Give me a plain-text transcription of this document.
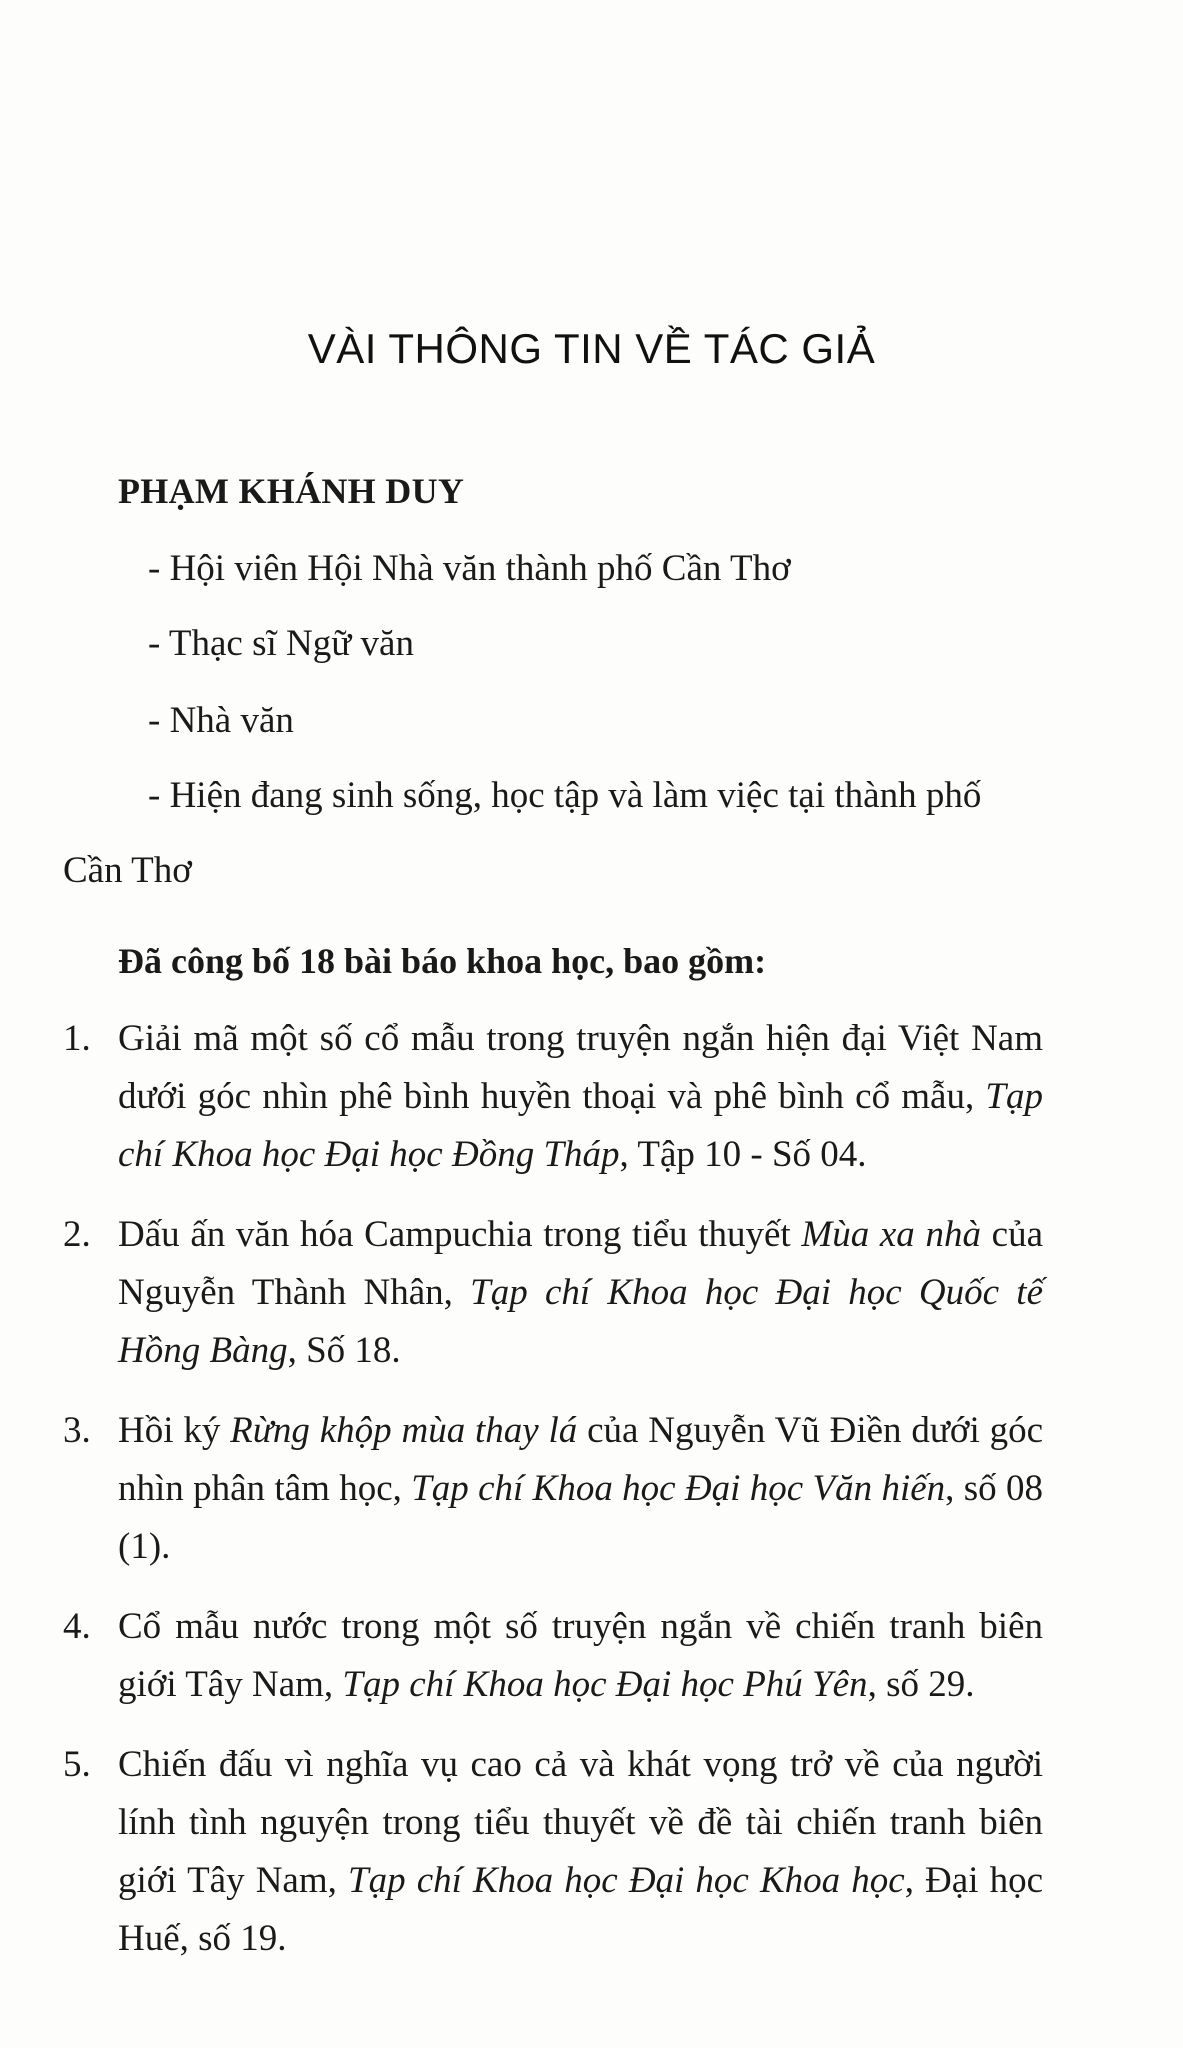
VÀI THÔNG TIN VỀ TÁC GIẢ
PHẠM KHÁNH DUY
- Hội viên Hội Nhà văn thành phố Cần Thơ
- Thạc sĩ Ngữ văn
- Nhà văn
- Hiện đang sinh sống, học tập và làm việc tại thành phố Cần Thơ
Đã công bố 18 bài báo khoa học, bao gồm:
1. Giải mã một số cổ mẫu trong truyện ngắn hiện đại Việt Nam dưới góc nhìn phê bình huyền thoại và phê bình cổ mẫu, Tạp chí Khoa học Đại học Đồng Tháp, Tập 10 - Số 04.
2. Dấu ấn văn hóa Campuchia trong tiểu thuyết Mùa xa nhà của Nguyễn Thành Nhân, Tạp chí Khoa học Đại học Quốc tế Hồng Bàng, Số 18.
3. Hồi ký Rừng khộp mùa thay lá của Nguyễn Vũ Điền dưới góc nhìn phân tâm học, Tạp chí Khoa học Đại học Văn hiến, số 08 (1).
4. Cổ mẫu nước trong một số truyện ngắn về chiến tranh biên giới Tây Nam, Tạp chí Khoa học Đại học Phú Yên, số 29.
5. Chiến đấu vì nghĩa vụ cao cả và khát vọng trở về của người lính tình nguyện trong tiểu thuyết về đề tài chiến tranh biên giới Tây Nam, Tạp chí Khoa học Đại học Khoa học, Đại học Huế, số 19.
